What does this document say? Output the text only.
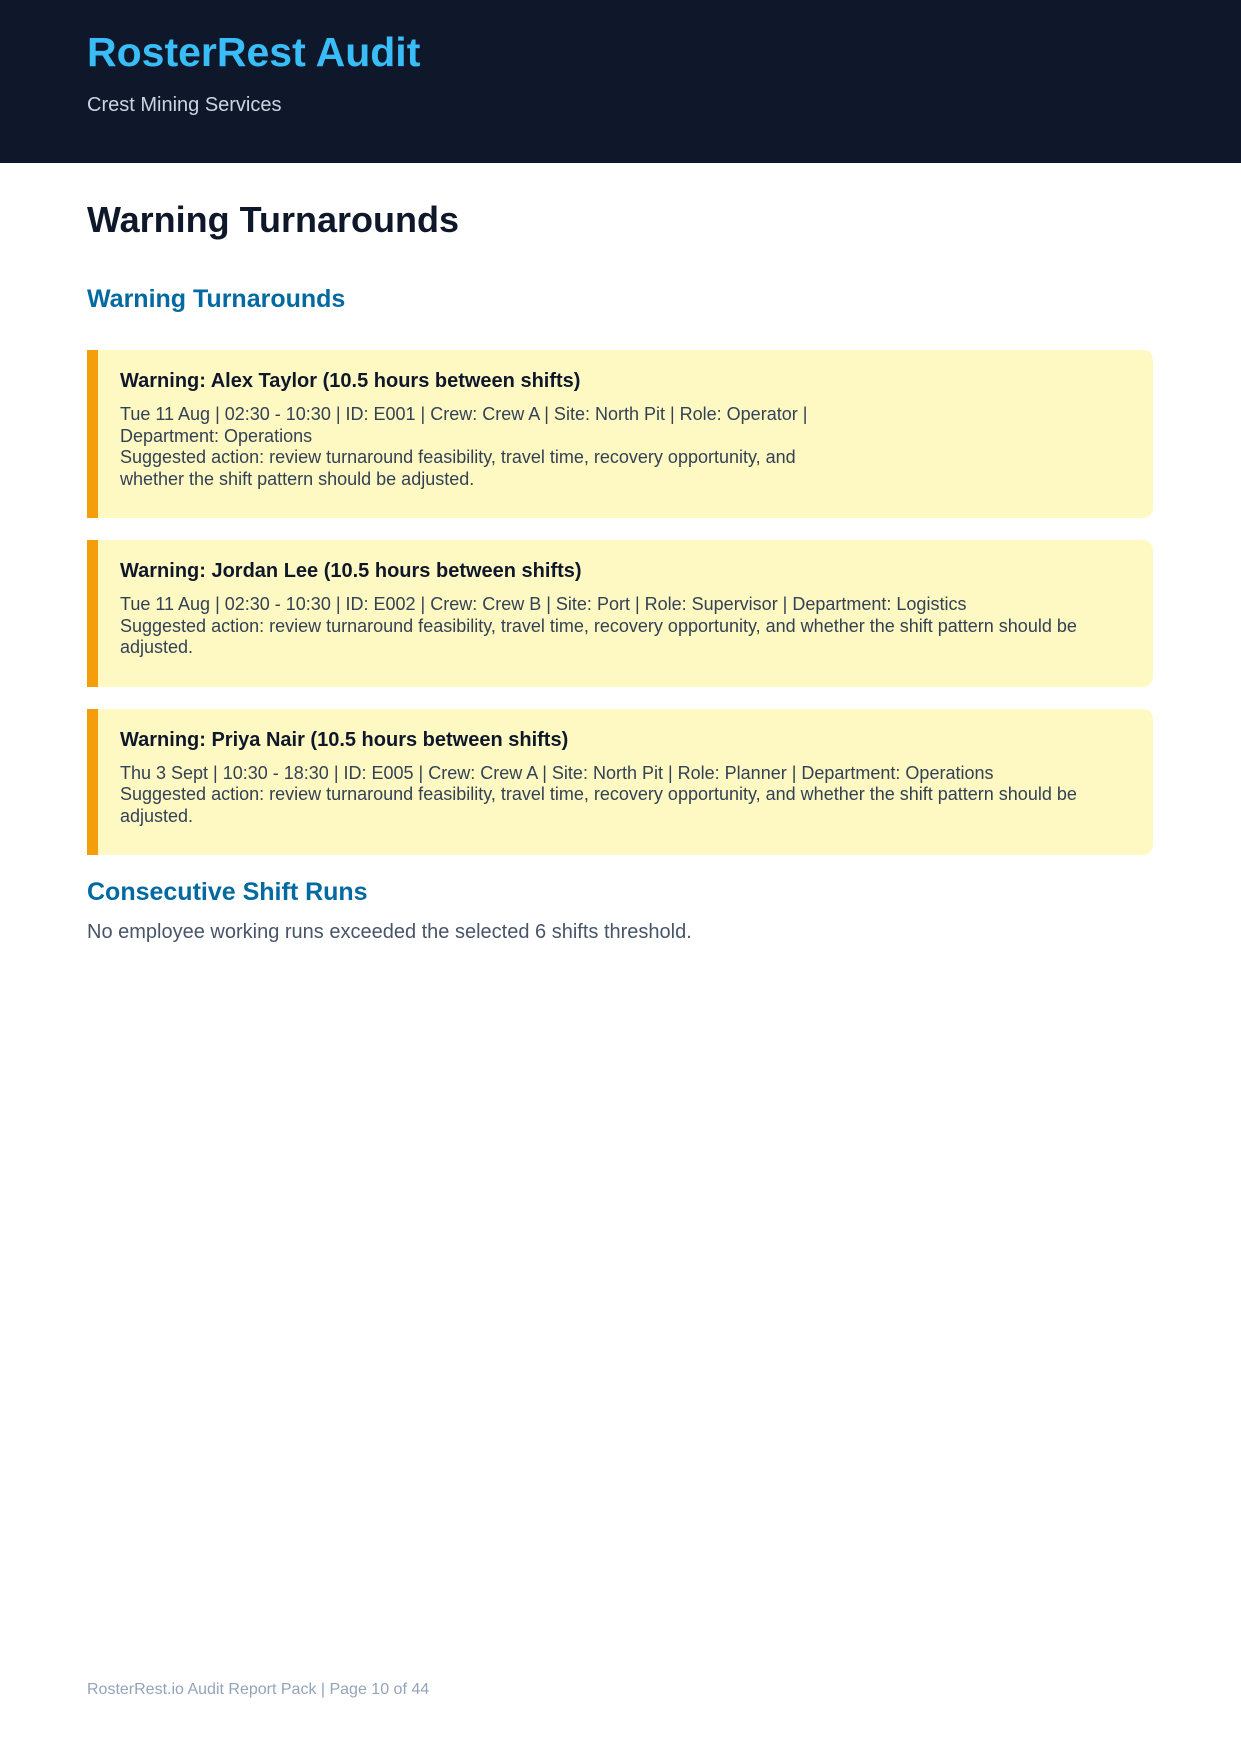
RosterRest Audit
Crest Mining Services
Warning Turnarounds
Warning Turnarounds
Warning: Alex Taylor (10.5 hours between shifts)
Tue 11 Aug | 02:30 - 10:30 | ID: E001 | Crew: Crew A | Site: North Pit | Role: Operator | Department: Operations
Suggested action: review turnaround feasibility, travel time, recovery opportunity, and whether the shift pattern should be adjusted.
Warning: Jordan Lee (10.5 hours between shifts)
Tue 11 Aug | 02:30 - 10:30 | ID: E002 | Crew: Crew B | Site: Port | Role: Supervisor | Department: Logistics
Suggested action: review turnaround feasibility, travel time, recovery opportunity, and whether the shift pattern should be adjusted.
Warning: Priya Nair (10.5 hours between shifts)
Thu 3 Sept | 10:30 - 18:30 | ID: E005 | Crew: Crew A | Site: North Pit | Role: Planner | Department: Operations
Suggested action: review turnaround feasibility, travel time, recovery opportunity, and whether the shift pattern should be adjusted.
Consecutive Shift Runs
No employee working runs exceeded the selected 6 shifts threshold.
RosterRest.io Audit Report Pack | Page 10 of 44
